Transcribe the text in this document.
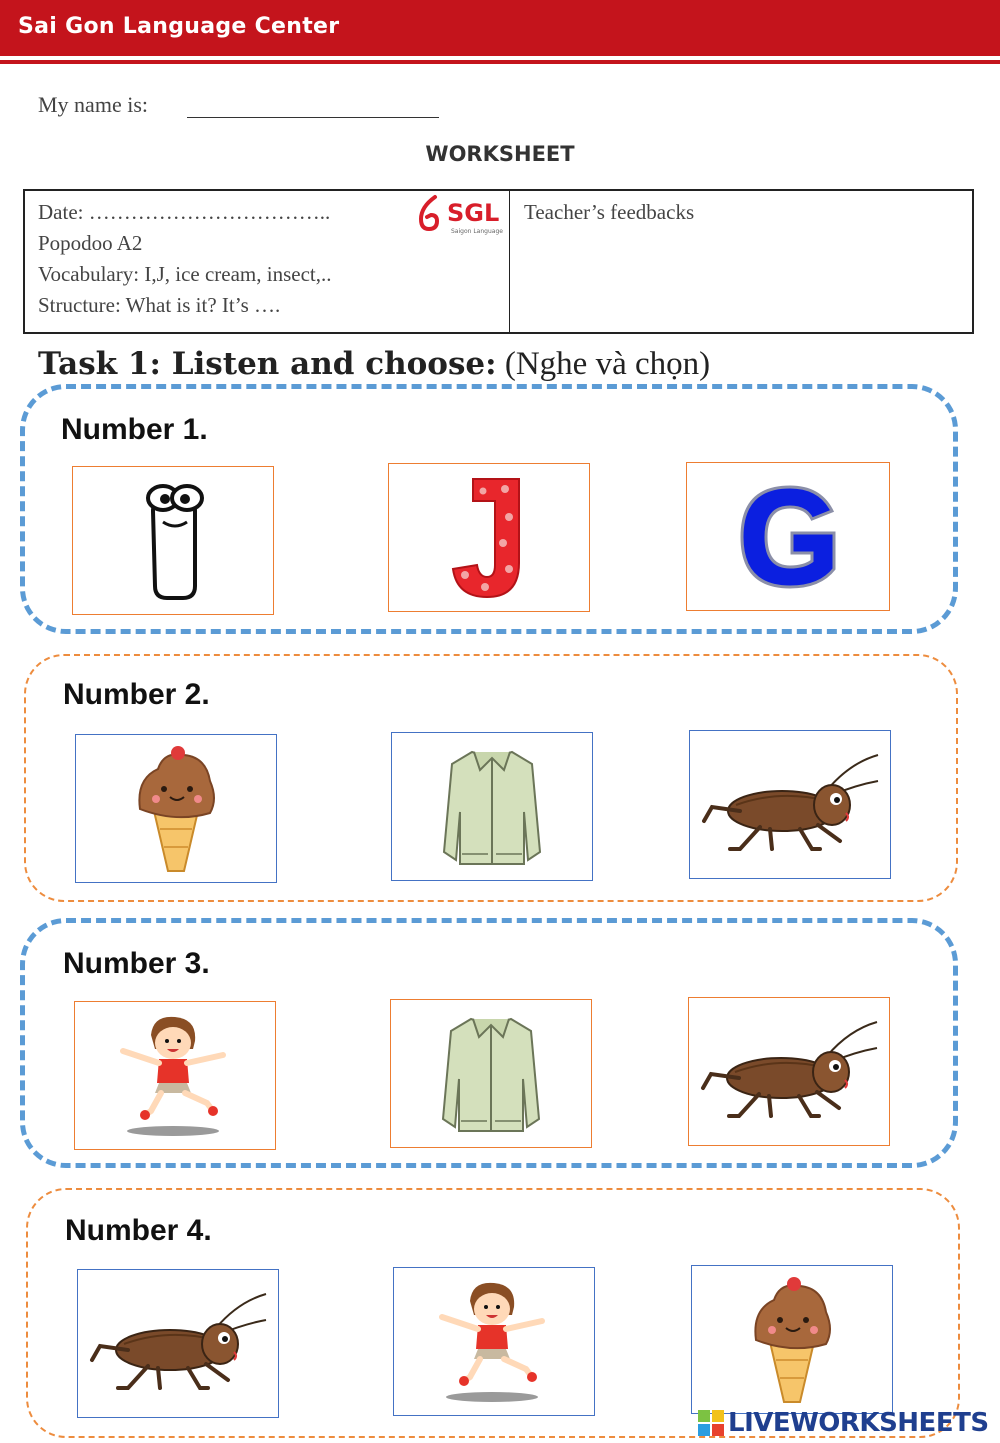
Sai Gon Language Center
My name is:
WORKSHEET
Date: ……………………………..
Popodoo A2
Vocabulary: I,J, ice cream, insect,..
Structure: What is it? It’s ….
SGL
Saigon Language
Teacher’s feedbacks
Task 1: Listen and choose: (Nghe và chọn)
Number 1.
Number 2.
Number 3.
Number 4.
LIVEWORKSHEETS
